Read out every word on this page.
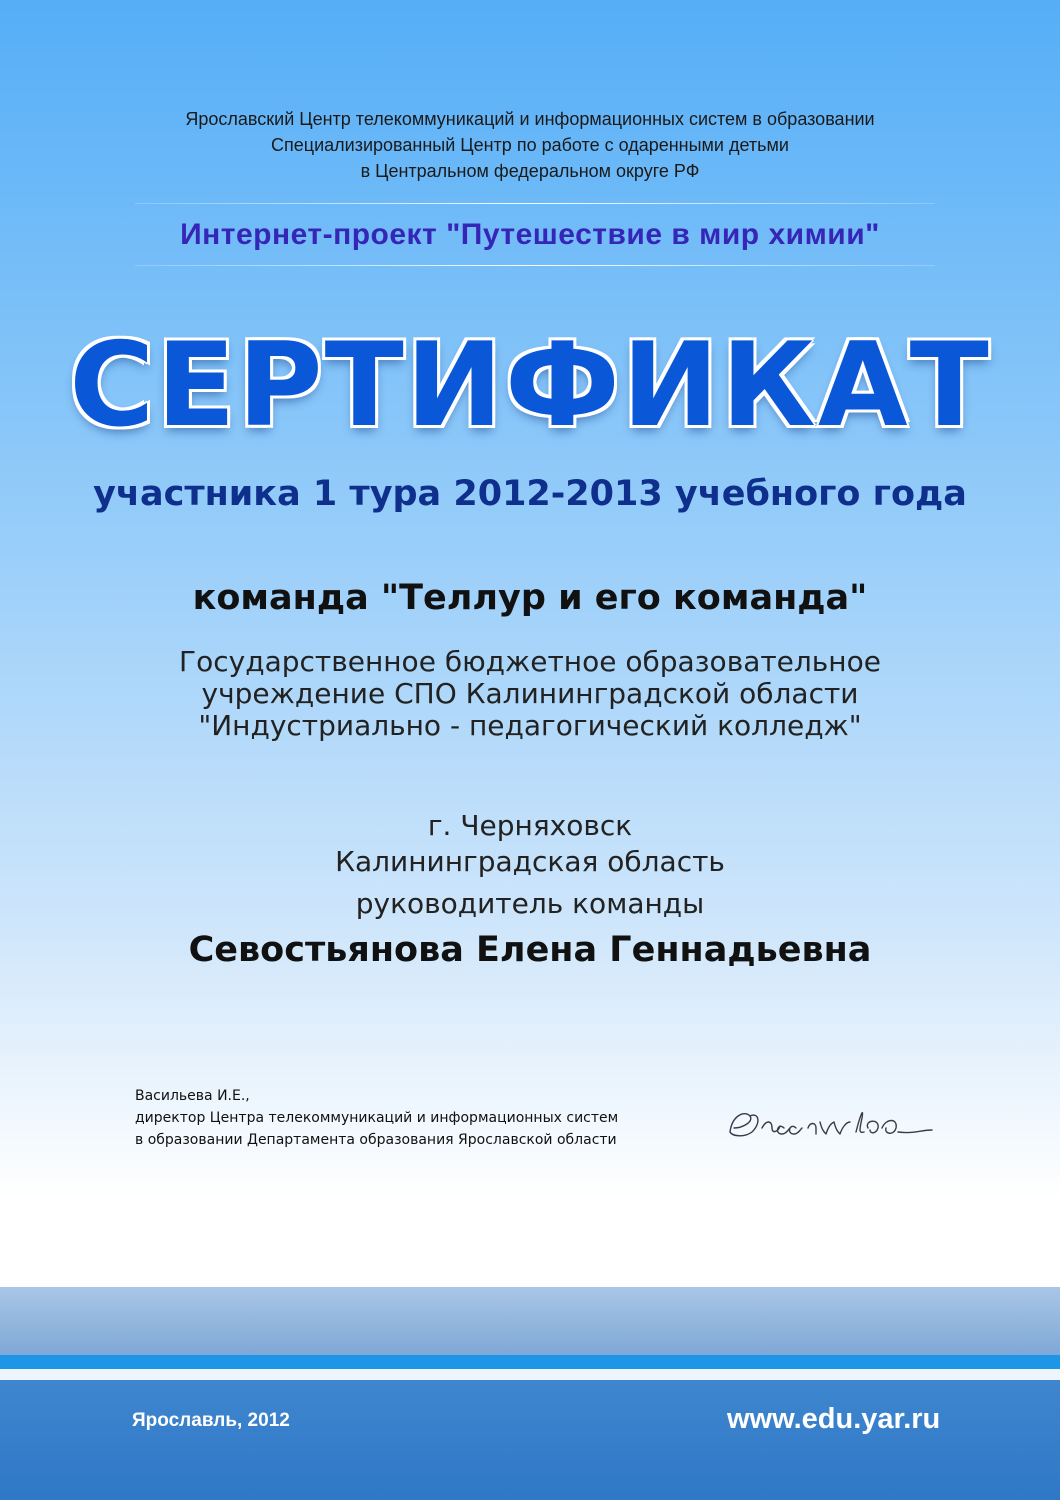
Ярославский Центр телекоммуникаций и информационных систем в образовании
Специализированный Центр по работе с одаренными детьми
в Центральном федеральном округе РФ
Интернет-проект "Путешествие в мир химии"
СЕРТИФИКАТ
участника 1 тура 2012-2013 учебного года
команда "Теллур и его команда"
Государственное бюджетное образовательное
учреждение СПО Калининградской области
"Индустриально - педагогический колледж"
г. Черняховск
Калининградская область
руководитель команды
Севостьянова Елена Геннадьевна
Васильева И.Е.,
директор Центра телекоммуникаций и информационных систем
в образовании Департамента образования Ярославской области
Ярославль, 2012	www.edu.yar.ru
